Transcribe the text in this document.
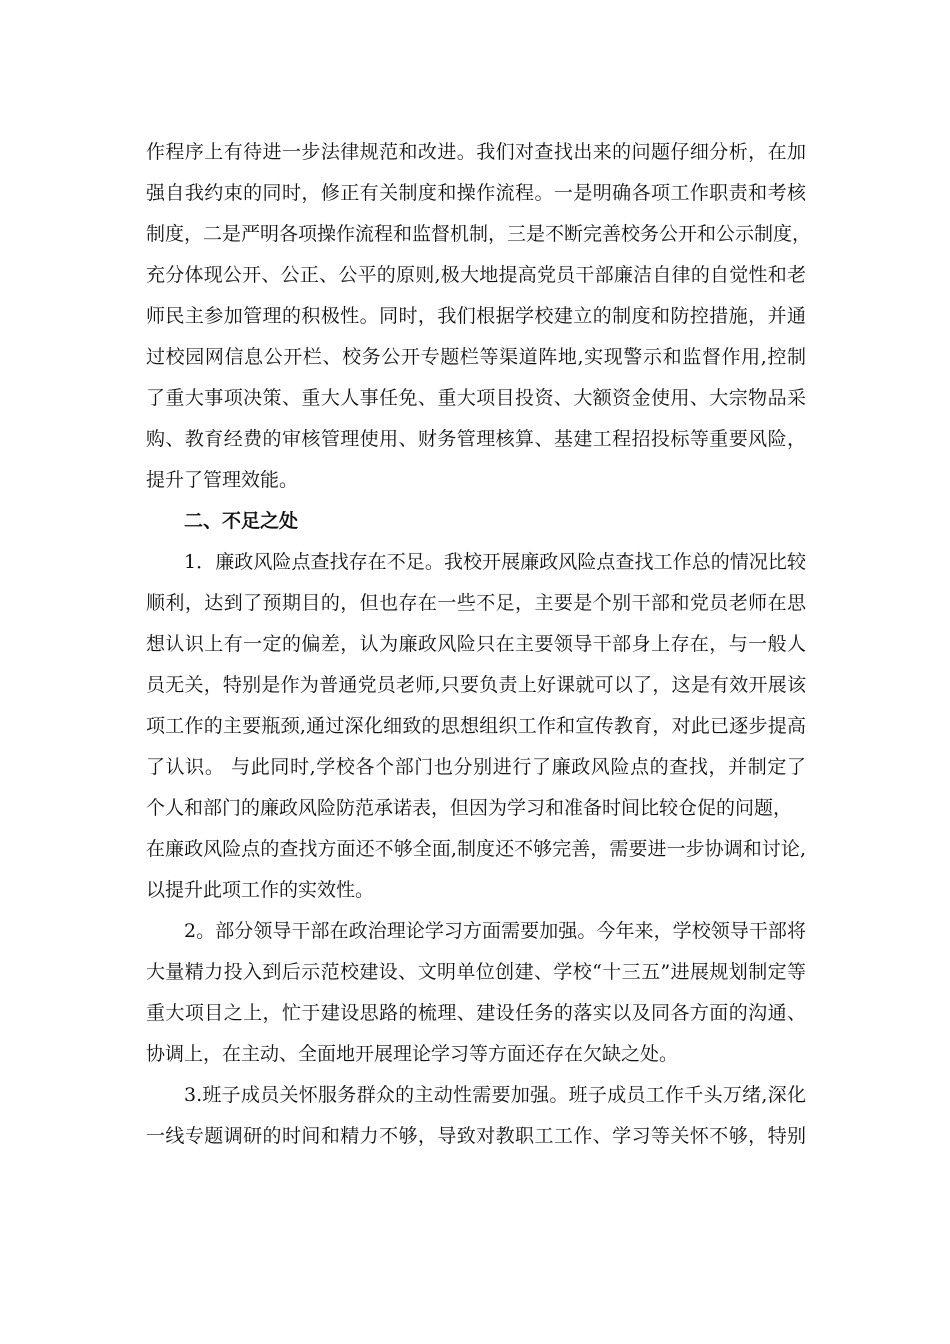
作程序上有待进一步法律规范和改进。我们对查找出来的问题仔细分析，在加
强自我约束的同时，修正有关制度和操作流程。一是明确各项工作职责和考核
制度，二是严明各项操作流程和监督机制，三是不断完善校务公开和公示制度，
充分体现公开、公正、公平的原则,极大地提高党员干部廉洁自律的自觉性和老
师民主参加管理的积极性。同时，我们根据学校建立的制度和防控措施，并通
过校园网信息公开栏、校务公开专题栏等渠道阵地,实现警示和监督作用,控制
了重大事项决策、重大人事任免、重大项目投资、大额资金使用、大宗物品采
购、教育经费的审核管理使用、财务管理核算、基建工程招投标等重要风险，
提升了管理效能。
二、不足之处
1．廉政风险点查找存在不足。我校开展廉政风险点查找工作总的情况比较
顺利，达到了预期目的，但也存在一些不足，主要是个别干部和党员老师在思
想认识上有一定的偏差，认为廉政风险只在主要领导干部身上存在，与一般人
员无关，特别是作为普通党员老师,只要负责上好课就可以了，这是有效开展该
项工作的主要瓶颈,通过深化细致的思想组织工作和宣传教育，对此已逐步提高
了认识。 与此同时,学校各个部门也分别进行了廉政风险点的查找，并制定了
个人和部门的廉政风险防范承诺表，但因为学习和准备时间比较仓促的问题，
在廉政风险点的查找方面还不够全面,制度还不够完善，需要进一步协调和讨论,
以提升此项工作的实效性。
2。部分领导干部在政治理论学习方面需要加强。今年来，学校领导干部将
大量精力投入到后示范校建设、文明单位创建、学校“十三五”进展规划制定等
重大项目之上，忙于建设思路的梳理、建设任务的落实以及同各方面的沟通、
协调上，在主动、全面地开展理论学习等方面还存在欠缺之处。
3.班子成员关怀服务群众的主动性需要加强。班子成员工作千头万绪,深化
一线专题调研的时间和精力不够，导致对教职工工作、学习等关怀不够，特别
